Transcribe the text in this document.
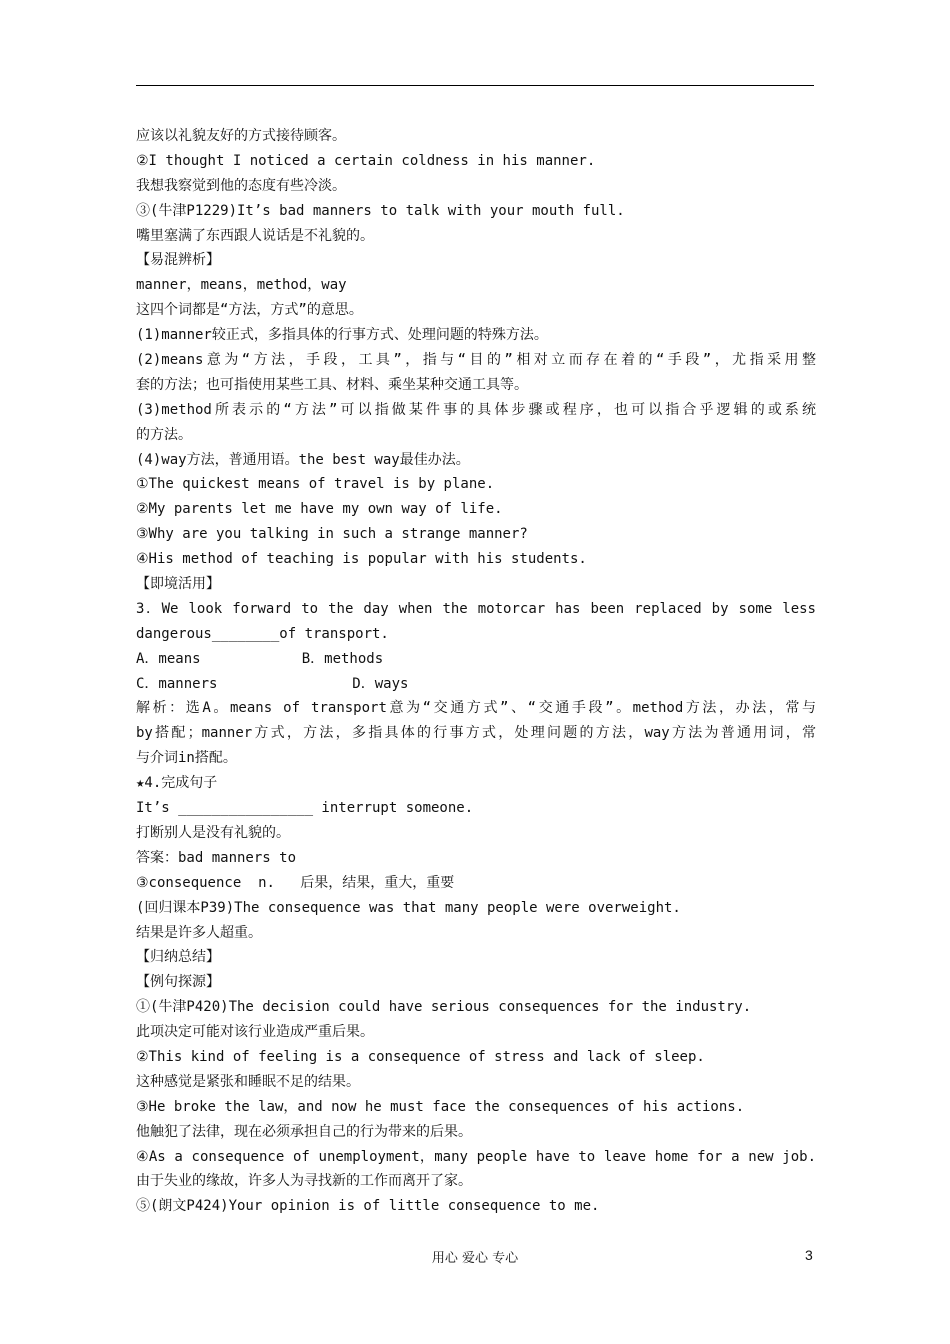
应该以礼貌友好的方式接待顾客。
②I thought I noticed a certain coldness in his manner.
我想我察觉到他的态度有些冷淡。
③(牛津P1229)It’s bad manners to talk with your mouth full.
嘴里塞满了东西跟人说话是不礼貌的。
【易混辨析】
manner，means，method，way
这四个词都是“方法，方式”的意思。
(1)manner较正式，多指具体的行事方式、处理问题的特殊方法。
(2)means意为“方法，手段，工具”，指与“目的”相对立而存在着的“手段”，尤指采用整
套的方法；也可指使用某些工具、材料、乘坐某种交通工具等。
(3)method所表示的“方法”可以指做某件事的具体步骤或程序，也可以指合乎逻辑的或系统
的方法。
(4)way方法，普通用语。the best way最佳办法。
①The quickest means of travel is by plane.
②My parents let me have my own way of life.
③Why are you talking in such a strange manner?
④His method of teaching is popular with his students.
【即境活用】
3．We look forward to the day when the motorcar has been replaced by some less
dangerous________of transport.
A．means            B．methods
C．manners                D．ways
解析：选A。means of transport意为“交通方式”、“交通手段”。method方法，办法，常与
by搭配；manner方式，方法，多指具体的行事方式，处理问题的方法，way方法为普通用词，常
与介词in搭配。
★4.完成句子
It’s ________________ interrupt someone.
打断别人是没有礼貌的。
答案：bad manners to
③consequence  n.   后果，结果，重大，重要
(回归课本P39)The consequence was that many people were overweight.
结果是许多人超重。
【归纳总结】
【例句探源】
①(牛津P420)The decision could have serious consequences for the industry.
此项决定可能对该行业造成严重后果。
②This kind of feeling is a consequence of stress and lack of sleep.
这种感觉是紧张和睡眠不足的结果。
③He broke the law，and now he must face the consequences of his actions.
他触犯了法律，现在必须承担自己的行为带来的后果。
④As a consequence of unemployment，many people have to leave home for a new job.
由于失业的缘故，许多人为寻找新的工作而离开了家。
⑤(朗文P424)Your opinion is of little consequence to me.
用心 爱心 专心	3
